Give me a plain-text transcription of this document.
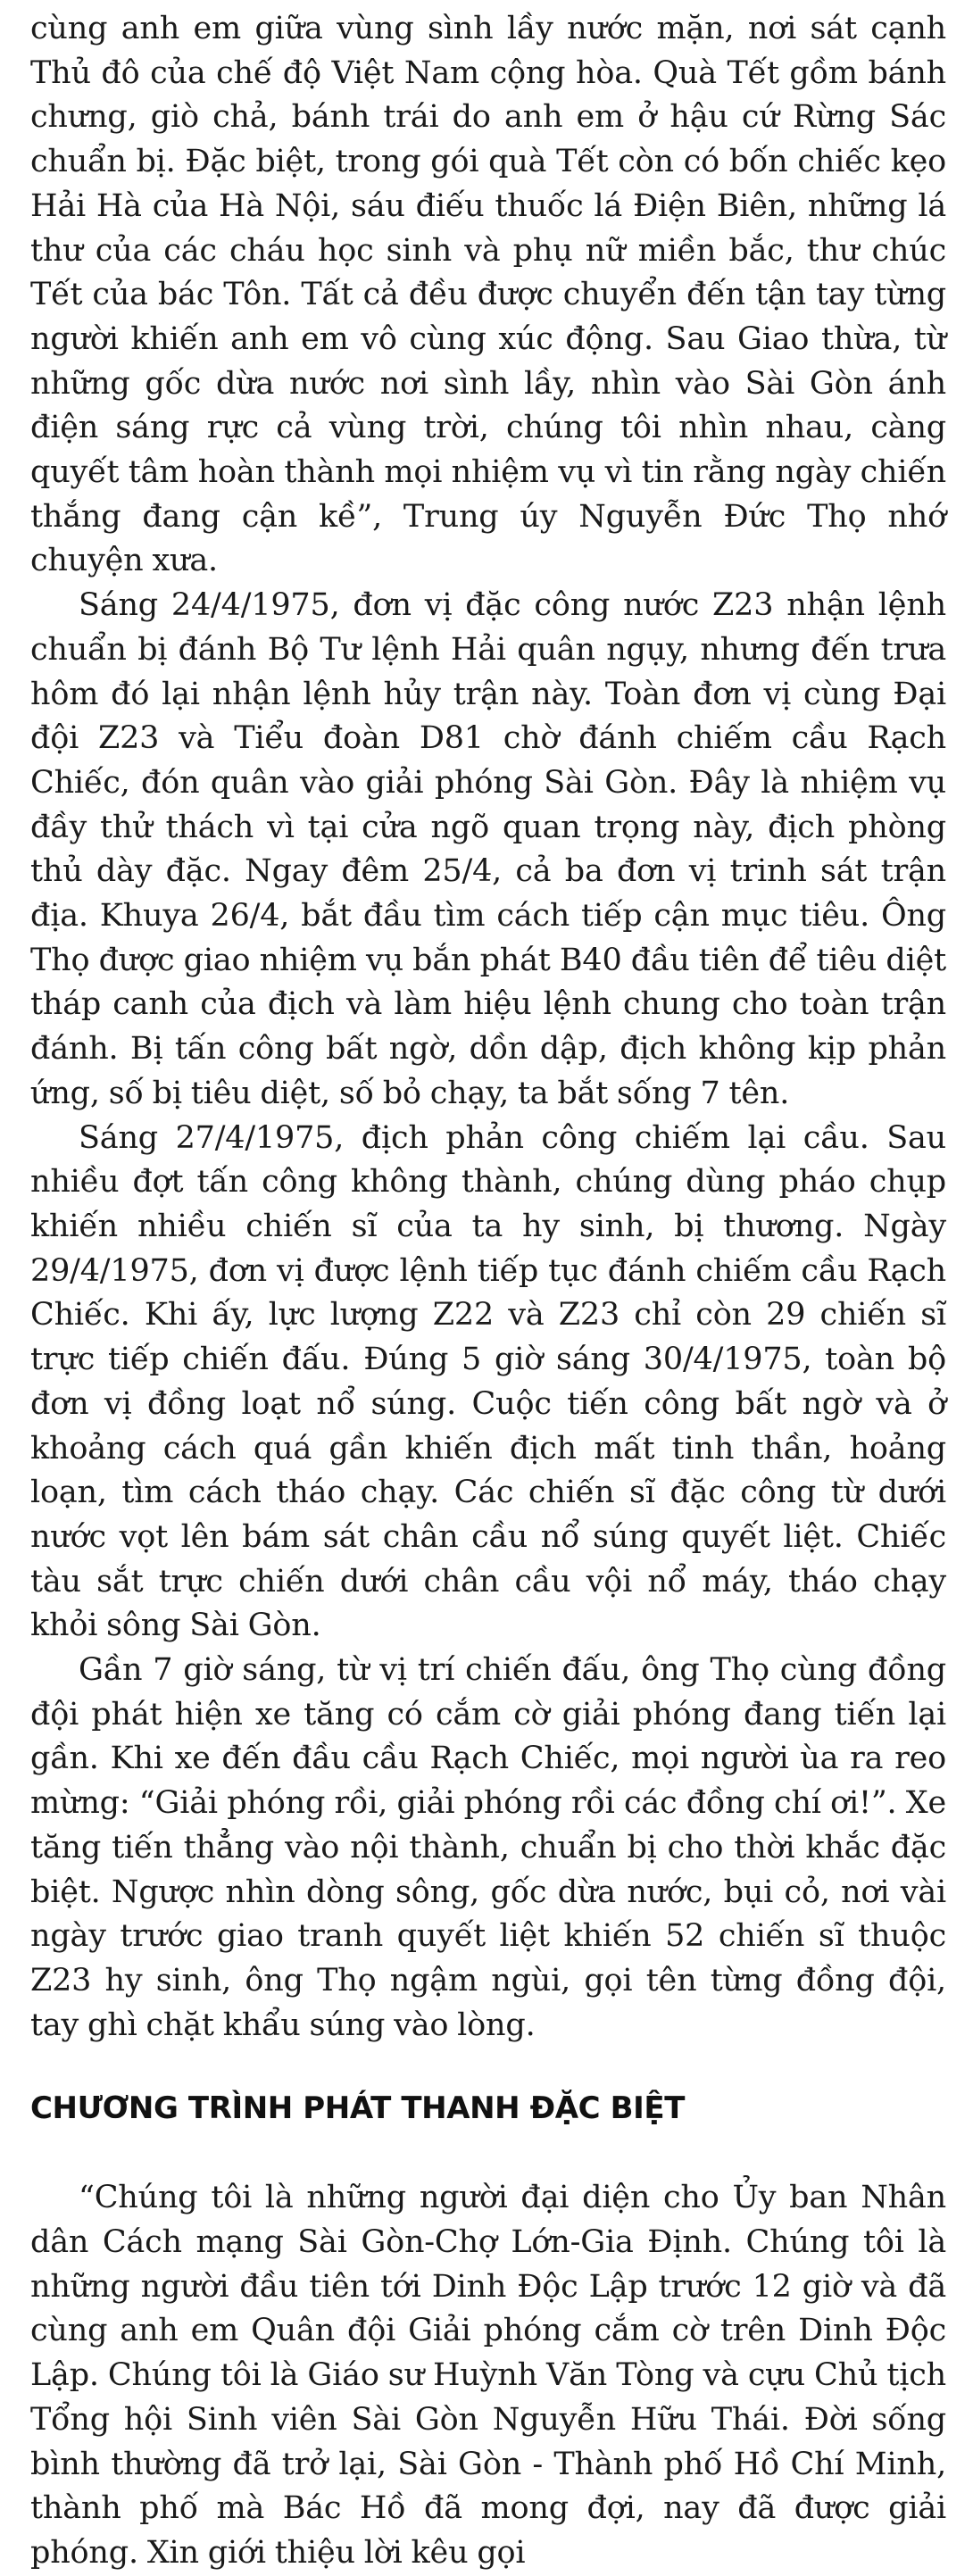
cùng anh em giữa vùng sình lầy nước mặn, nơi sát cạnh Thủ đô của chế độ Việt Nam cộng hòa. Quà Tết gồm bánh chưng, giò chả, bánh trái do anh em ở hậu cứ Rừng Sác chuẩn bị. Đặc biệt, trong gói quà Tết còn có bốn chiếc kẹo Hải Hà của Hà Nội, sáu điếu thuốc lá Điện Biên, những lá thư của các cháu học sinh và phụ nữ miền bắc, thư chúc Tết của bác Tôn. Tất cả đều được chuyển đến tận tay từng người khiến anh em vô cùng xúc động. Sau Giao thừa, từ những gốc dừa nước nơi sình lầy, nhìn vào Sài Gòn ánh điện sáng rực cả vùng trời, chúng tôi nhìn nhau, càng quyết tâm hoàn thành mọi nhiệm vụ vì tin rằng ngày chiến thắng đang cận kề”, Trung úy Nguyễn Đức Thọ nhớ chuyện xưa.

Sáng 24/4/1975, đơn vị đặc công nước Z23 nhận lệnh chuẩn bị đánh Bộ Tư lệnh Hải quân ngụy, nhưng đến trưa hôm đó lại nhận lệnh hủy trận này. Toàn đơn vị cùng Đại đội Z23 và Tiểu đoàn D81 chờ đánh chiếm cầu Rạch Chiếc, đón quân vào giải phóng Sài Gòn. Đây là nhiệm vụ đầy thử thách vì tại cửa ngõ quan trọng này, địch phòng thủ dày đặc. Ngay đêm 25/4, cả ba đơn vị trinh sát trận địa. Khuya 26/4, bắt đầu tìm cách tiếp cận mục tiêu. Ông Thọ được giao nhiệm vụ bắn phát B40 đầu tiên để tiêu diệt tháp canh của địch và làm hiệu lệnh chung cho toàn trận đánh. Bị tấn công bất ngờ, dồn dập, địch không kịp phản ứng, số bị tiêu diệt, số bỏ chạy, ta bắt sống 7 tên.

Sáng 27/4/1975, địch phản công chiếm lại cầu. Sau nhiều đợt tấn công không thành, chúng dùng pháo chụp khiến nhiều chiến sĩ của ta hy sinh, bị thương. Ngày 29/4/1975, đơn vị được lệnh tiếp tục đánh chiếm cầu Rạch Chiếc. Khi ấy, lực lượng Z22 và Z23 chỉ còn 29 chiến sĩ trực tiếp chiến đấu. Đúng 5 giờ sáng 30/4/1975, toàn bộ đơn vị đồng loạt nổ súng. Cuộc tiến công bất ngờ và ở khoảng cách quá gần khiến địch mất tinh thần, hoảng loạn, tìm cách tháo chạy. Các chiến sĩ đặc công từ dưới nước vọt lên bám sát chân cầu nổ súng quyết liệt. Chiếc tàu sắt trực chiến dưới chân cầu vội nổ máy, tháo chạy khỏi sông Sài Gòn.

Gần 7 giờ sáng, từ vị trí chiến đấu, ông Thọ cùng đồng đội phát hiện xe tăng có cắm cờ giải phóng đang tiến lại gần. Khi xe đến đầu cầu Rạch Chiếc, mọi người ùa ra reo mừng: “Giải phóng rồi, giải phóng rồi các đồng chí ơi!”. Xe tăng tiến thẳng vào nội thành, chuẩn bị cho thời khắc đặc biệt. Ngược nhìn dòng sông, gốc dừa nước, bụi cỏ, nơi vài ngày trước giao tranh quyết liệt khiến 52 chiến sĩ thuộc Z23 hy sinh, ông Thọ ngậm ngùi, gọi tên từng đồng đội, tay ghì chặt khẩu súng vào lòng.

CHƯƠNG TRÌNH PHÁT THANH ĐẶC BIỆT

“Chúng tôi là những người đại diện cho Ủy ban Nhân dân Cách mạng Sài Gòn-Chợ Lớn-Gia Định. Chúng tôi là những người đầu tiên tới Dinh Độc Lập trước 12 giờ và đã cùng anh em Quân đội Giải phóng cắm cờ trên Dinh Độc Lập. Chúng tôi là Giáo sư Huỳnh Văn Tòng và cựu Chủ tịch Tổng hội Sinh viên Sài Gòn Nguyễn Hữu Thái. Đời sống bình thường đã trở lại, Sài Gòn - Thành phố Hồ Chí Minh, thành phố mà Bác Hồ đã mong đợi, nay đã được giải phóng. Xin giới thiệu lời kêu gọi
